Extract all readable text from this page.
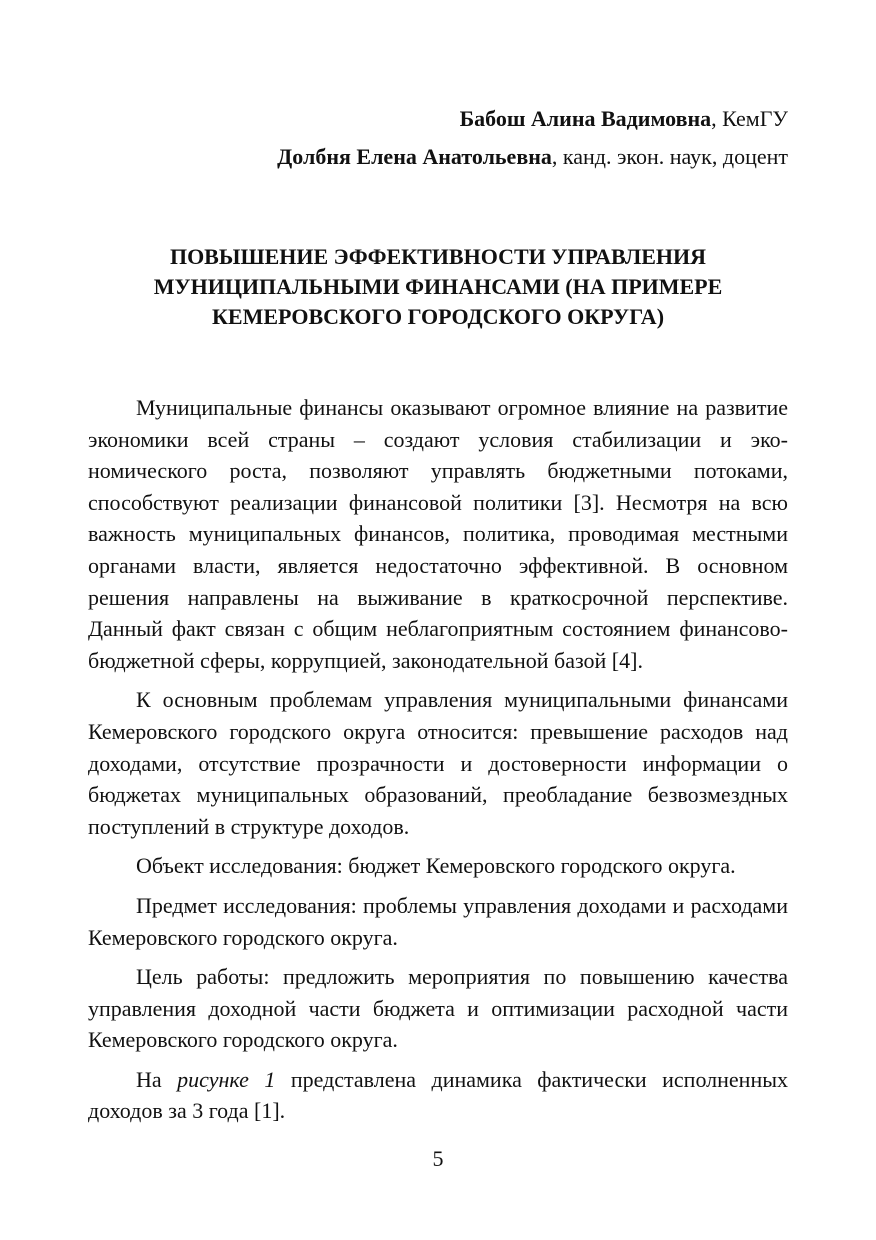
Бабош Алина Вадимовна, КемГУ
Долбня Елена Анатольевна, канд. экон. наук, доцент
ПОВЫШЕНИЕ ЭФФЕКТИВНОСТИ УПРАВЛЕНИЯ
МУНИЦИПАЛЬНЫМИ ФИНАНСАМИ (НА ПРИМЕРЕ
КЕМЕРОВСКОГО ГОРОДСКОГО ОКРУГА)

Муниципальные финансы оказывают огромное влияние на развитие экономики всей страны – создают условия стабилизации и экономического роста, позволяют управлять бюджетными потоками, способствуют реализации финансовой политики [3]. Несмотря на всю важность муниципальных финансов, политика, проводимая местными органами власти, является недостаточно эффективной. В основном решения направлены на выживание в краткосрочной перспективе. Данный факт связан с общим неблагоприятным состоянием финансово-бюджетной сферы, коррупцией, законодательной базой [4].

К основным проблемам управления муниципальными финансами Кемеровского городского округа относится: превышение расходов над доходами, отсутствие прозрачности и достоверности информации о бюджетах муниципальных образований, преобладание безвозмездных поступлений в структуре доходов.

Объект исследования: бюджет Кемеровского городского округа.

Предмет исследования: проблемы управления доходами и расходами Кемеровского городского округа.

Цель работы: предложить мероприятия по повышению качества управления доходной части бюджета и оптимизации расходной части Кемеровского городского округа.

На рисунке 1 представлена динамика фактически исполненных доходов за 3 года [1].

5
